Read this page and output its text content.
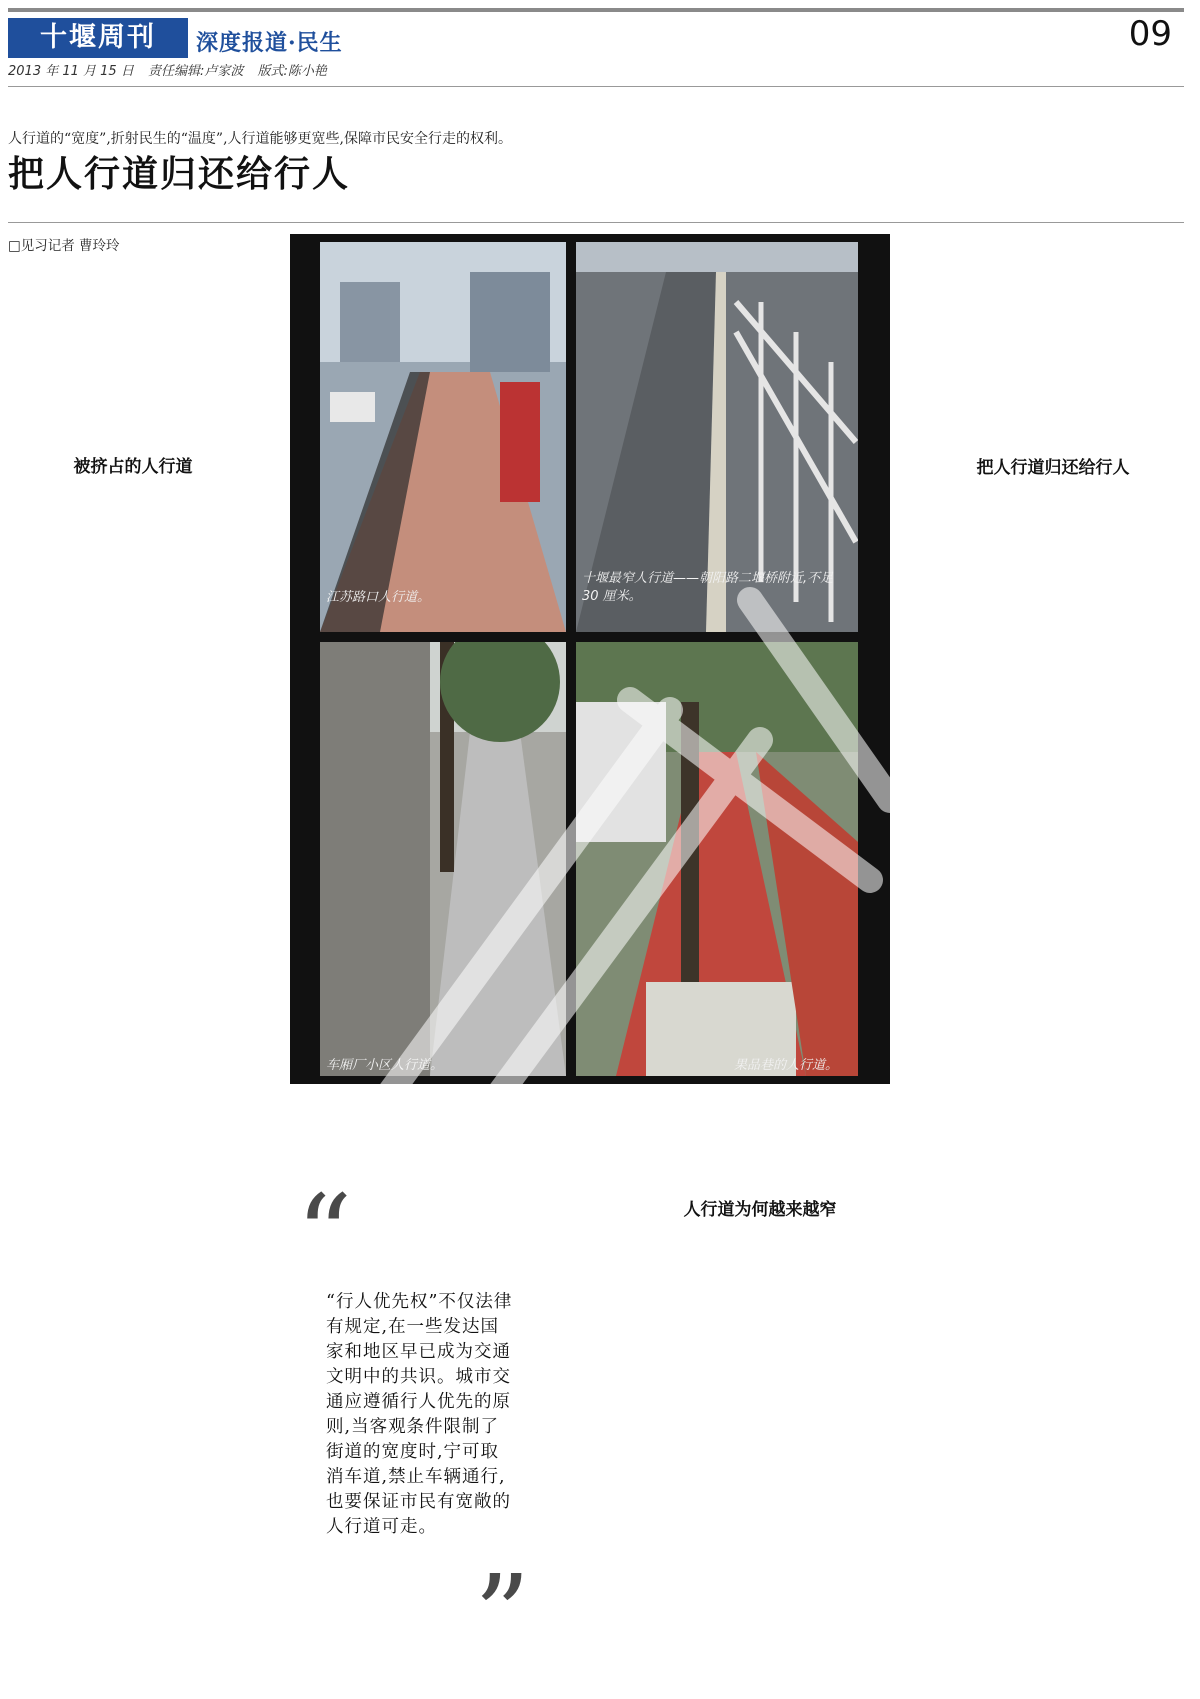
十堰周刊	深度报道·民生	09
2013 年 11 月 15 日 责任编辑:卢家波 版式:陈小艳
人行道的“宽度”,折射民生的“温度”,人行道能够更宽些,保障市民安全行走的权利。
把人行道归还给行人
□见习记者 曹玲玲
被挤占的人行道
人行道为何越来越窄
把人行道归还给行人
江苏路口人行道。
十堰最窄人行道——朝阳路二堰桥附近,不足 30 厘米。
车厢厂小区人行道。	果品巷的人行道。
“
“行人优先权”不仅法律有规定,在一些发达国家和地区早已成为交通文明中的共识。城市交通应遵循行人优先的原则,当客观条件限制了街道的宽度时,宁可取消车道,禁止车辆通行,也要保证市民有宽敞的人行道可走。
”
